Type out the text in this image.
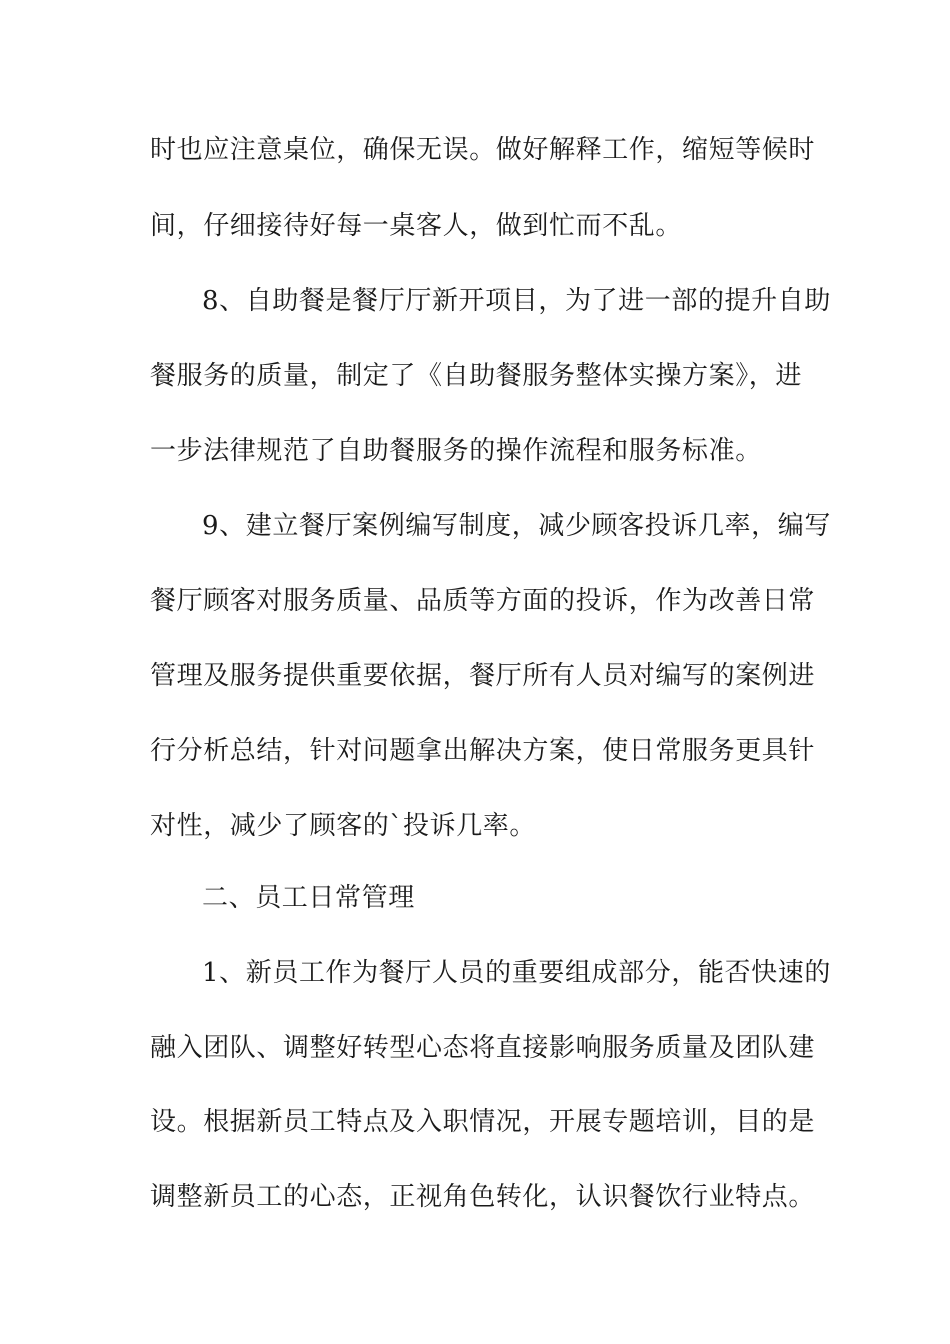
时也应注意桌位，确保无误。做好解释工作，缩短等候时
间，仔细接待好每一桌客人，做到忙而不乱。
8、自助餐是餐厅厅新开项目，为了进一部的提升自助
餐服务的质量，制定了《自助餐服务整体实操方案》，进
一步法律规范了自助餐服务的操作流程和服务标准。
9、建立餐厅案例编写制度，减少顾客投诉几率，编写
餐厅顾客对服务质量、品质等方面的投诉，作为改善日常
管理及服务提供重要依据，餐厅所有人员对编写的案例进
行分析总结，针对问题拿出解决方案，使日常服务更具针
对性，减少了顾客的`投诉几率。
二、员工日常管理
1、新员工作为餐厅人员的重要组成部分，能否快速的
融入团队、调整好转型心态将直接影响服务质量及团队建
设。根据新员工特点及入职情况，开展专题培训，目的是
调整新员工的心态，正视角色转化，认识餐饮行业特点。
